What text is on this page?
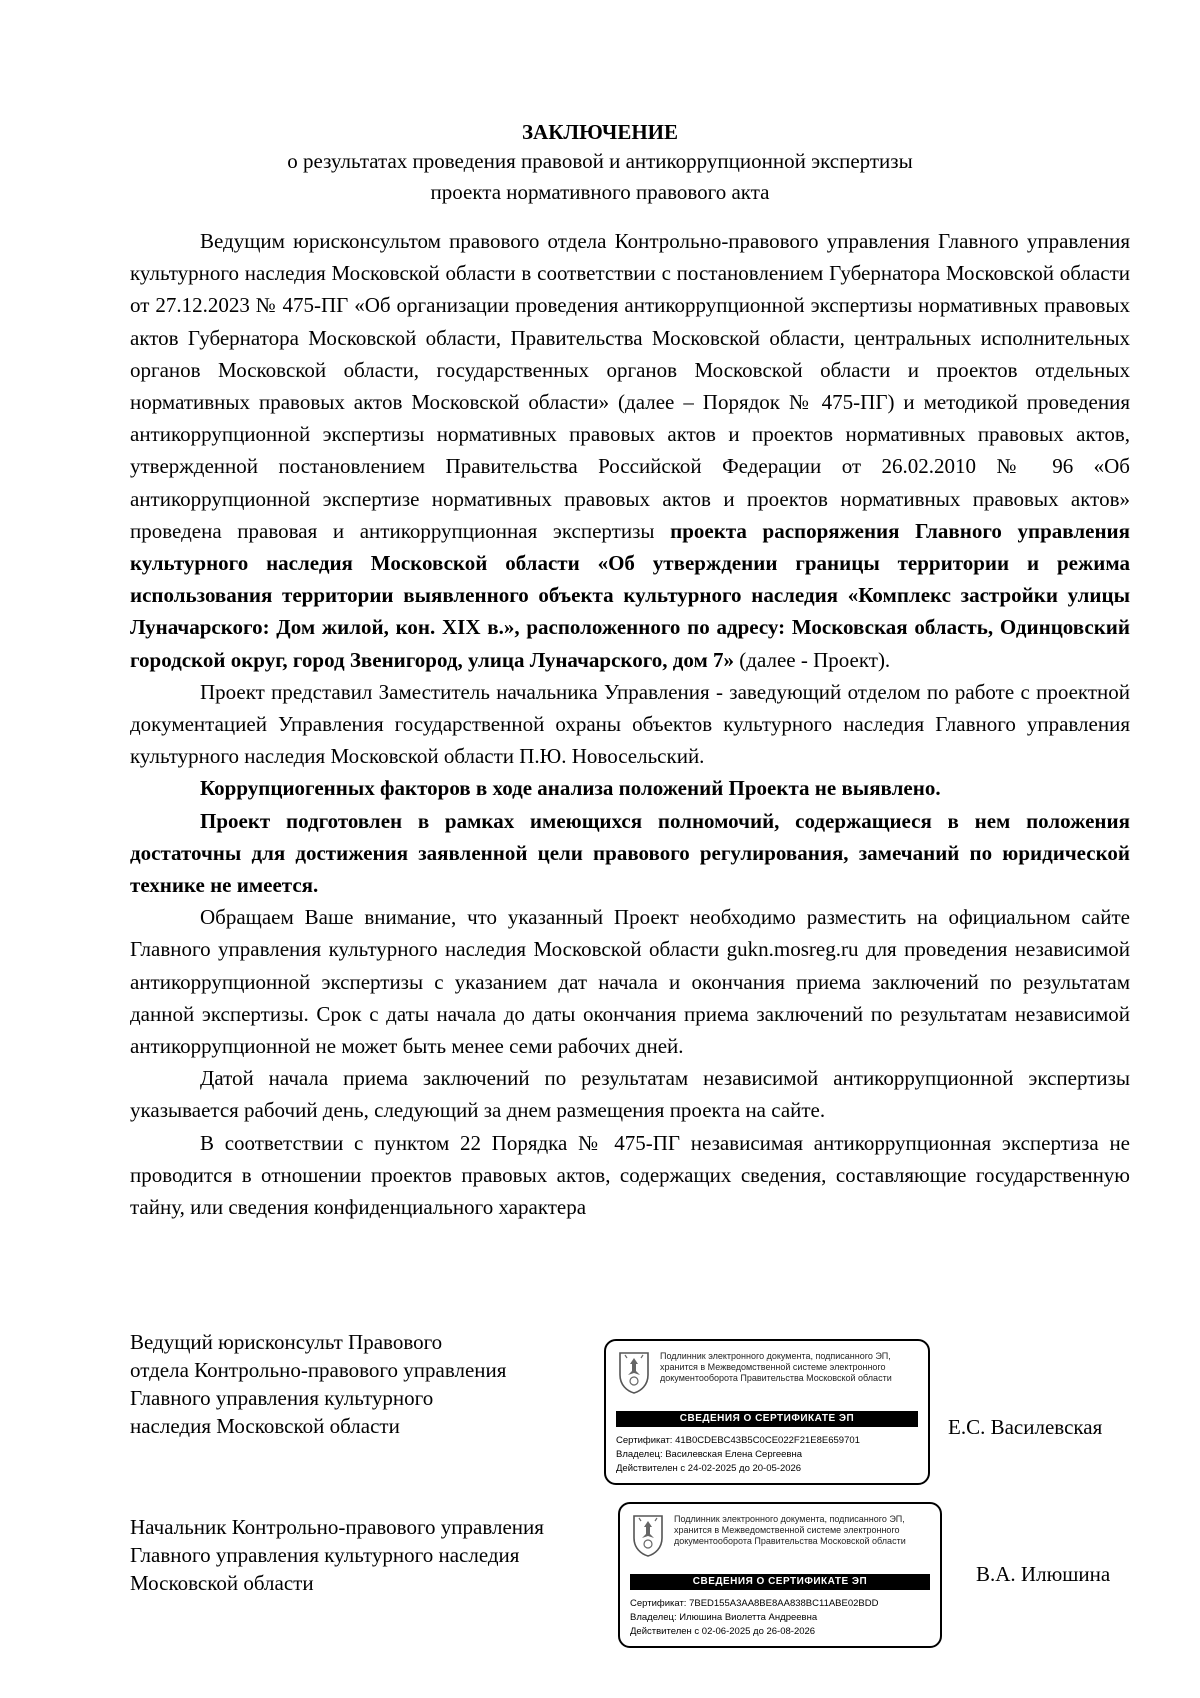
ЗАКЛЮЧЕНИЕ
о результатах проведения правовой и антикоррупционной экспертизы
проекта нормативного правового акта

Ведущим юрисконсультом правового отдела Контрольно-правового управления Главного управления культурного наследия Московской области в соответствии с постановлением Губернатора Московской области от 27.12.2023 № 475-ПГ «Об организации проведения антикоррупционной экспертизы нормативных правовых актов Губернатора Московской области, Правительства Московской области, центральных исполнительных органов Московской области, государственных органов Московской области и проектов отдельных нормативных правовых актов Московской области» (далее – Порядок № 475-ПГ) и методикой проведения антикоррупционной экспертизы нормативных правовых актов и проектов нормативных правовых актов, утвержденной постановлением Правительства Российской Федерации от 26.02.2010 № 96 «Об антикоррупционной экспертизе нормативных правовых актов и проектов нормативных правовых актов» проведена правовая и антикоррупционная экспертизы проекта распоряжения Главного управления культурного наследия Московской области «Об утверждении границы территории и режима использования территории выявленного объекта культурного наследия «Комплекс застройки улицы Луначарского: Дом жилой, кон. XIX в.», расположенного по адресу: Московская область, Одинцовский городской округ, город Звенигород, улица Луначарского, дом 7» (далее - Проект).

Проект представил Заместитель начальника Управления - заведующий отделом по работе с проектной документацией Управления государственной охраны объектов культурного наследия Главного управления культурного наследия Московской области П.Ю. Новосельский.

Коррупциогенных факторов в ходе анализа положений Проекта не выявлено.

Проект подготовлен в рамках имеющихся полномочий, содержащиеся в нем положения достаточны для достижения заявленной цели правового регулирования, замечаний по юридической технике не имеется.

Обращаем Ваше внимание, что указанный Проект необходимо разместить на официальном сайте Главного управления культурного наследия Московской области gukn.mosreg.ru для проведения независимой антикоррупционной экспертизы с указанием дат начала и окончания приема заключений по результатам данной экспертизы. Срок с даты начала до даты окончания приема заключений по результатам независимой антикоррупционной не может быть менее семи рабочих дней.

Датой начала приема заключений по результатам независимой антикоррупционной экспертизы указывается рабочий день, следующий за днем размещения проекта на сайте.

В соответствии с пунктом 22 Порядка № 475-ПГ независимая антикоррупционная экспертиза не проводится в отношении проектов правовых актов, содержащих сведения, составляющие государственную тайну, или сведения конфиденциального характера

Ведущий юрисконсульт Правового
отдела Контрольно-правового управления
Главного управления культурного
наследия Московской области
Подлинник электронного документа, подписанного ЭП, хранится в Межведомственной системе электронного документооборота Правительства Московской области
СВЕДЕНИЯ О СЕРТИФИКАТЕ ЭП
Сертификат: 41B0CDEBC43B5C0CE022F21E8E659701
Владелец: Василевская Елена Сергеевна
Действителен с 24-02-2025 до 20-05-2026
Е.С. Василевская
Начальник Контрольно-правового управления
Главного управления культурного наследия
Московской области
Подлинник электронного документа, подписанного ЭП, хранится в Межведомственной системе электронного документооборота Правительства Московской области
СВЕДЕНИЯ О СЕРТИФИКАТЕ ЭП
Сертификат: 7BED155A3AA8BE8AA838BC11ABE02BDD
Владелец: Илюшина Виолетта Андреевна
Действителен с 02-06-2025 до 26-08-2026
В.А. Илюшина
